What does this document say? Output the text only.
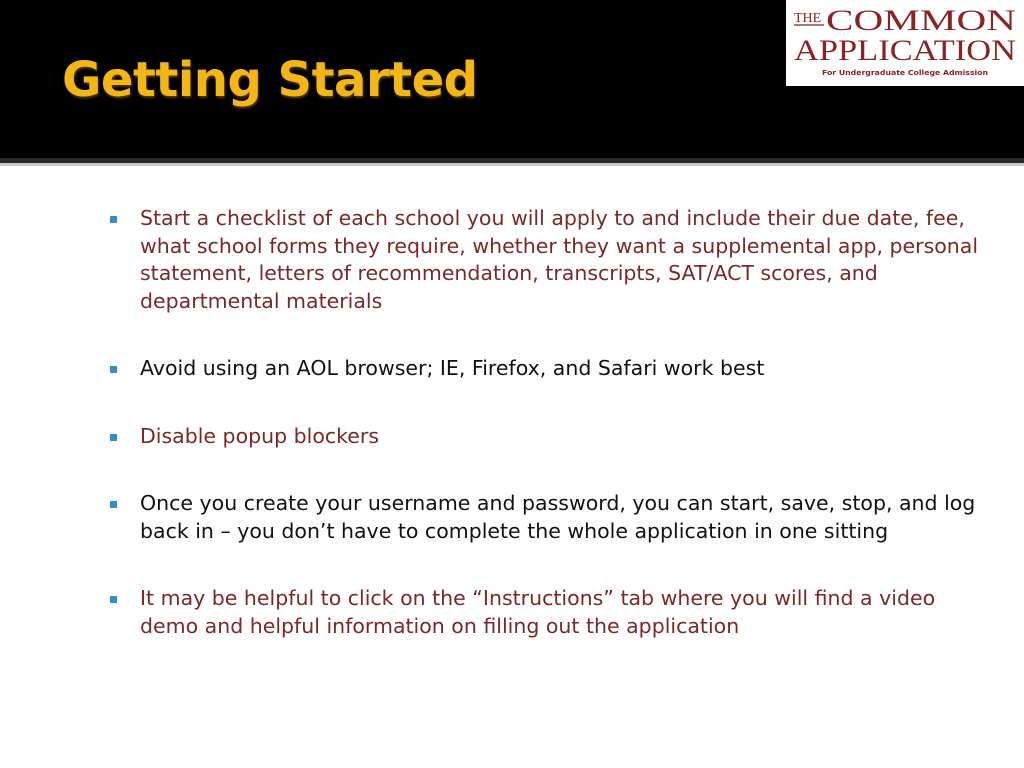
Getting Started
THE COMMON
APPLICATION
For Undergraduate College Admission
Start a checklist of each school you will apply to and include their due date, fee, what school forms they require, whether they want a supplemental app, personal statement, letters of recommendation, transcripts, SAT/ACT scores, and departmental materials
Avoid using an AOL browser; IE, Firefox, and Safari work best
Disable popup blockers
Once you create your username and password, you can start, save, stop, and log back in – you don’t have to complete the whole application in one sitting
It may be helpful to click on the “Instructions” tab where you will find a video demo and helpful information on filling out the application
